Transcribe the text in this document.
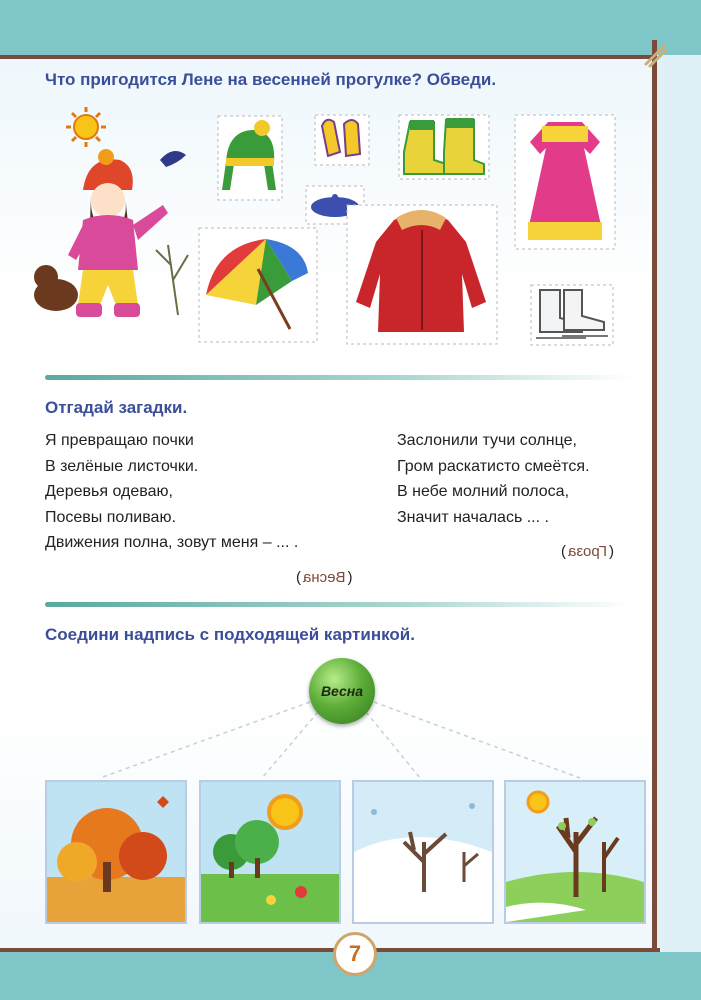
Что пригодится Лене на весенней прогулке? Обведи.
Отгадай загадки.
Я превращаю почки
В зелёные листочки.
Деревья одеваю,
Посевы поливаю.
Движения полна, зовут меня – ... .
( Весна )
Заслонили тучи солнце,
Гром раскатисто смеётся.
В небе молний полоса,
Значит началась ... .
( Гроза )
Соедини надпись с подходящей картинкой.
Весна
7
